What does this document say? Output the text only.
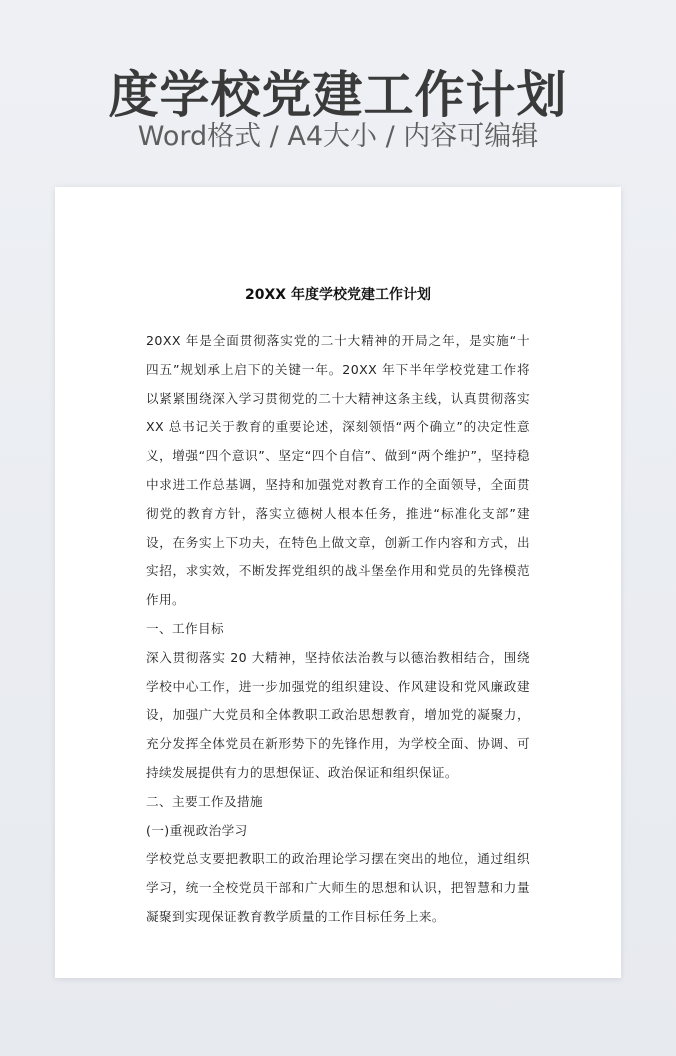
度学校党建工作计划
Word格式 / A4大小 / 内容可编辑
20XX 年度学校党建工作计划

20XX 年是全面贯彻落实党的二十大精神的开局之年，是实施“十四五”规划承上启下的关键一年。20XX 年下半年学校党建工作将以紧紧围绕深入学习贯彻党的二十大精神这条主线，认真贯彻落实 XX 总书记关于教育的重要论述，深刻领悟“两个确立”的决定性意义，增强“四个意识”、坚定“四个自信”、做到“两个维护”，坚持稳中求进工作总基调，坚持和加强党对教育工作的全面领导，全面贯彻党的教育方针，落实立德树人根本任务，推进“标准化支部”建设，在务实上下功夫，在特色上做文章，创新工作内容和方式，出实招，求实效，不断发挥党组织的战斗堡垒作用和党员的先锋模范作用。

一、工作目标

深入贯彻落实 20 大精神，坚持依法治教与以德治教相结合，围绕学校中心工作，进一步加强党的组织建设、作风建设和党风廉政建设，加强广大党员和全体教职工政治思想教育，增加党的凝聚力，充分发挥全体党员在新形势下的先锋作用，为学校全面、协调、可持续发展提供有力的思想保证、政治保证和组织保证。

二、主要工作及措施

(一)重视政治学习

学校党总支要把教职工的政治理论学习摆在突出的地位，通过组织学习，统一全校党员干部和广大师生的思想和认识，把智慧和力量凝聚到实现保证教育教学质量的工作目标任务上来。
